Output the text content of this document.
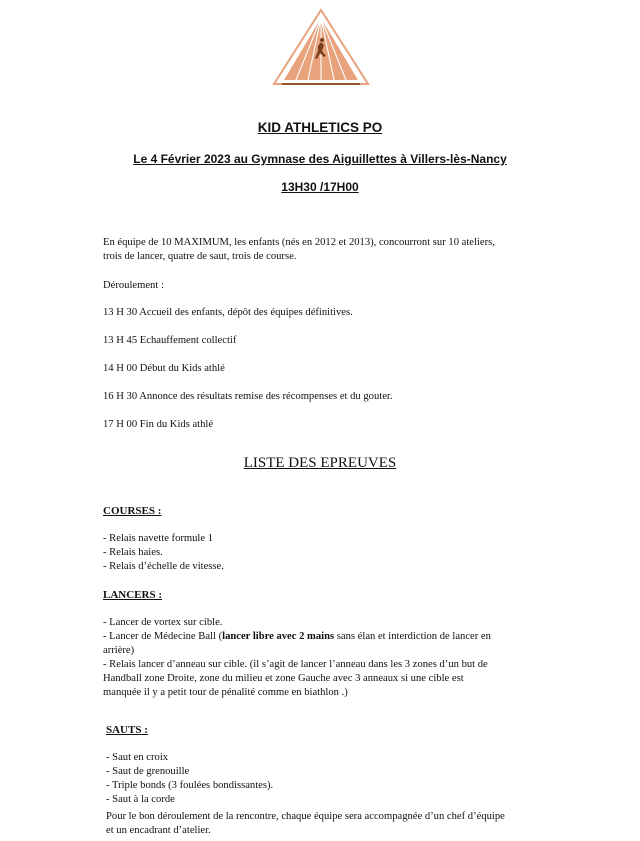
KID ATHLETICS PO
Le 4 Février 2023 au Gymnase des Aiguillettes à Villers-lès-Nancy
13H30 /17H00

En équipe de 10 MAXIMUM, les enfants (nés en 2012 et 2013), concourront sur 10 ateliers,

trois de lancer, quatre de saut, trois de course.

Déroulement :

13 H 30 Accueil des enfants, dépôt des équipes définitives.

13 H 45 Echauffement collectif

14 H 00 Début du Kids athlé

16 H 30 Annonce des résultats remise des récompenses et du gouter.

17 H 00 Fin du Kids athlé

LISTE DES EPREUVES
COURSES :
- Relais navette formule 1
- Relais haies.
- Relais d’échelle de vitesse.
LANCERS :
- Lancer de vortex sur cible.
- Lancer de Médecine Ball (lancer libre avec 2 mains sans élan et interdiction de lancer en
arrière)
- Relais lancer d’anneau sur cible. (il s’agit de lancer l’anneau dans les 3 zones d’un but de
Handball zone Droite, zone du milieu et zone Gauche avec 3 anneaux si une cible est
manquée il y a petit tour de pénalité comme en biathlon .)
SAUTS :
- Saut en croix
- Saut de grenouille
- Triple bonds (3 foulées bondissantes).
- Saut à la corde

Pour le bon déroulement de la rencontre, chaque équipe sera accompagnée d’un chef d’équipe

et un encadrant d’atelier.
